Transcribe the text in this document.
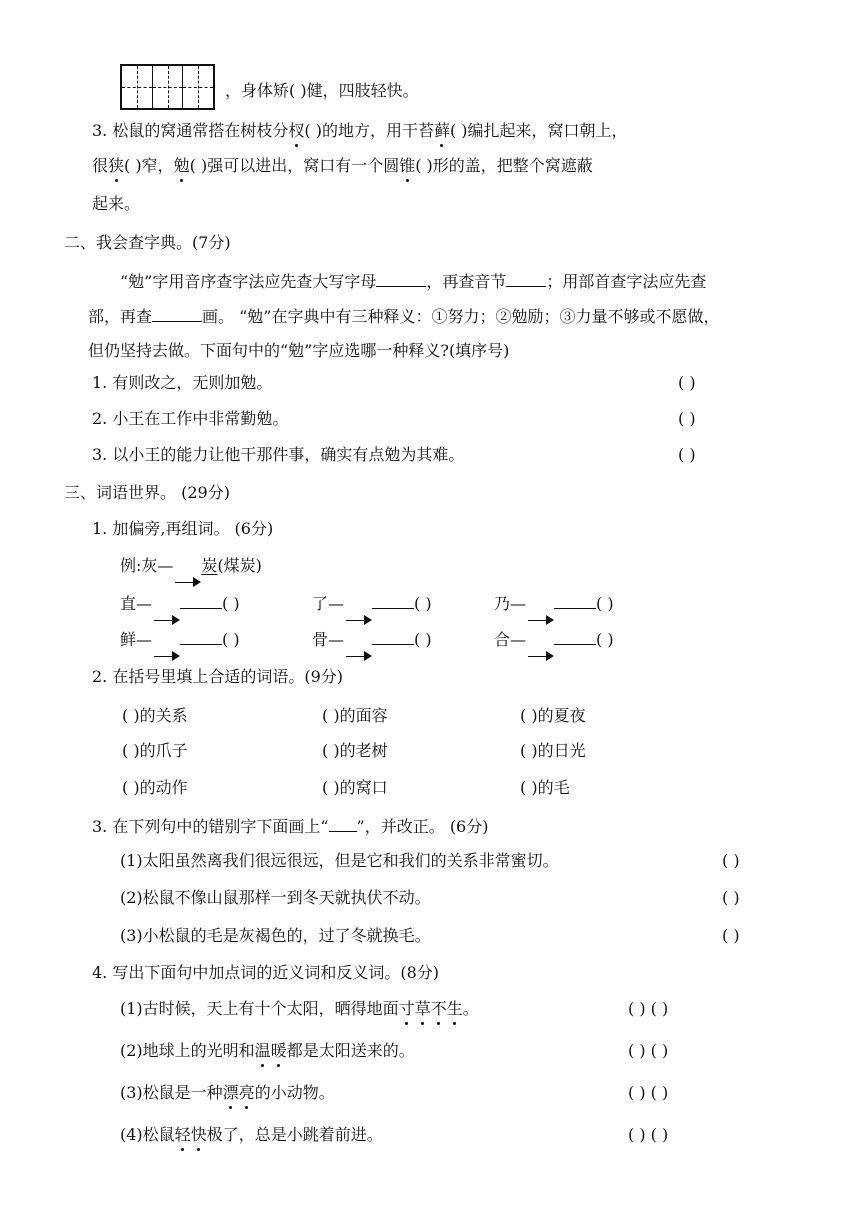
，身体矫( )健，四肢轻快。
3. 松鼠的窝通常搭在树枝分杈( )的地方，用干苔藓( )编扎起来，窝口朝上，
很狭( )窄，勉( )强可以进出，窝口有一个圆锥( )形的盖，把整个窝遮蔽
起来。
二、我会查字典。(7分)
“勉”字用音序查字法应先查大写字母	，再查音节	；用部首查字法应先查
部，再查	画。 “勉”在字典中有三种释义：①努力；②勉励；③力量不够或不愿做，
但仍坚持去做。下面句中的“勉”字应选哪一种释义?(填序号)
1. 有则改之，无则加勉。	( )
2. 小王在工作中非常勤勉。	( )
3. 以小王的能力让他干那件事，确实有点勉为其难。	( )
三、词语世界。 (29分)
1. 加偏旁,再组词。 (6分)
例:灰— 炭(煤炭)
直—	( )	了—	( )	乃—	( )
鲜—	( )	骨—	( )	合—	( )
2. 在括号里填上合适的词语。(9分)
( )的关系	( )的面容	( )的夏夜
( )的爪子	( )的老树	( )的日光
( )的动作	( )的窝口	( )的毛
3. 在下列句中的错别字下面画上“ ”，并改正。 (6分)
(1)太阳虽然离我们很远很远，但是它和我们的关系非常蜜切。	( )
(2)松鼠不像山鼠那样一到冬天就执伏不动。	( )
(3)小松鼠的毛是灰褐色的，过了冬就换毛。	( )
4. 写出下面句中加点词的近义词和反义词。(8分)
(1)古时候，天上有十个太阳，晒得地面寸草不生。	( ) ( )
(2)地球上的光明和温暖都是太阳送来的。	( ) ( )
(3)松鼠是一种漂亮的小动物。	( ) ( )
(4)松鼠轻快极了，总是小跳着前进。	( ) ( )
